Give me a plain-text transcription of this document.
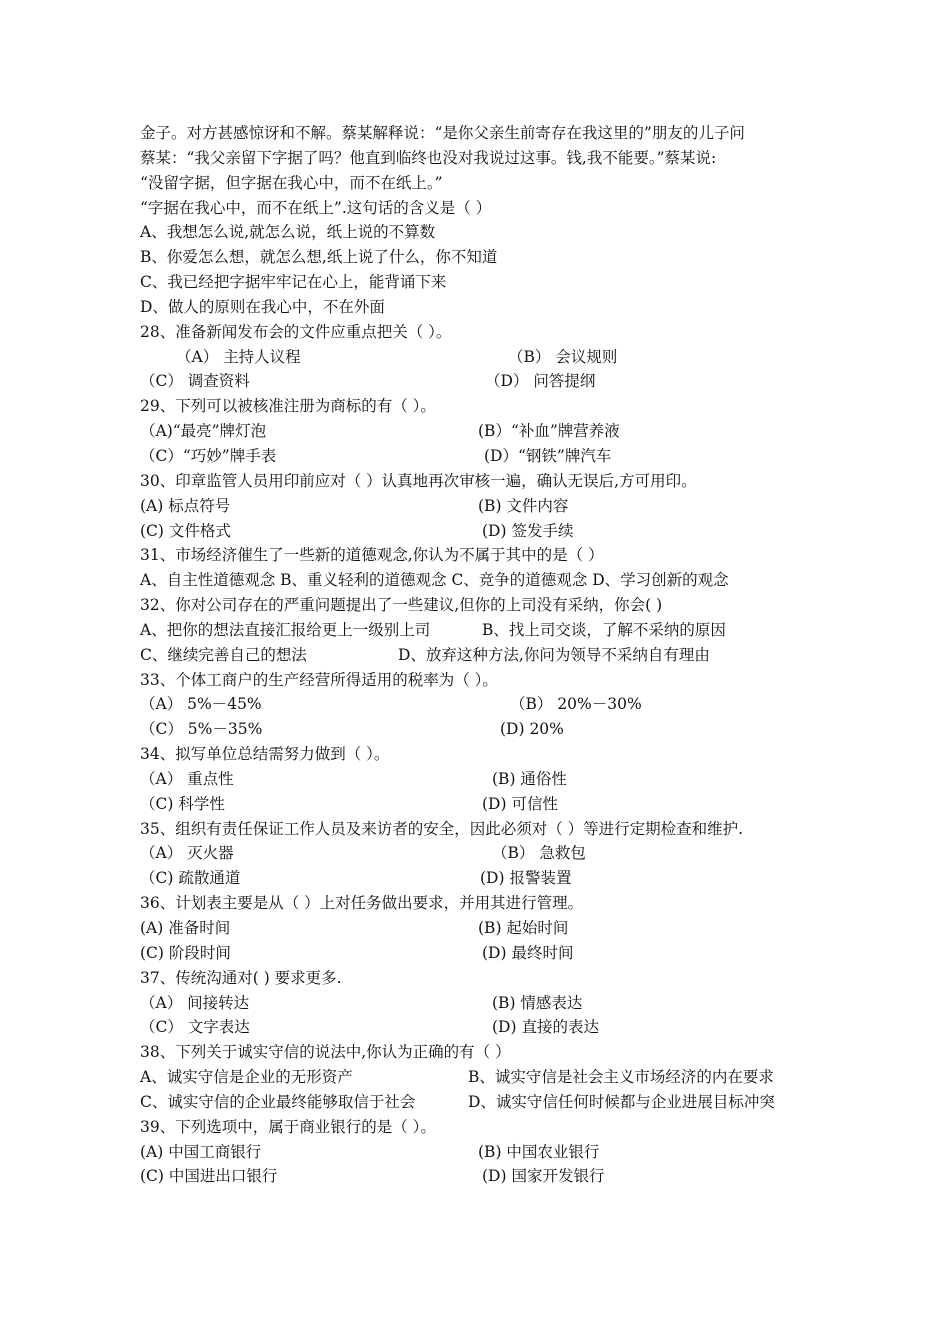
金子。对方甚感惊讶和不解。蔡某解释说：“是你父亲生前寄存在我这里的”朋友的儿子问
蔡某：“我父亲留下字据了吗？他直到临终也没对我说过这事。钱,我不能要。”蔡某说:
“没留字据，但字据在我心中，而不在纸上。”
“字据在我心中，而不在纸上”.这句话的含义是（ ）
A、我想怎么说,就怎么说，纸上说的不算数
B、你爱怎么想，就怎么想,纸上说了什么，你不知道
C、我已经把字据牢牢记在心上，能背诵下来
D、做人的原则在我心中，不在外面
28、准备新闻发布会的文件应重点把关（ ）。
（A） 主持人议程	（B） 会议规则
（C） 调查资料	（D） 问答提纲
29、下列可以被核准注册为商标的有（ ）。
（A)“最亮”牌灯泡	(B）“补血”牌营养液
（C）“巧妙”牌手表	(D）“钢铁”牌汽车
30、印章监管人员用印前应对（ ）认真地再次审核一遍，确认无误后,方可用印。
(A) 标点符号	(B) 文件内容
(C) 文件格式	(D) 签发手续
31、市场经济催生了一些新的道德观念,你认为不属于其中的是（ ）
A、自主性道德观念 B、重义轻利的道德观念 C、竞争的道德观念 D、学习创新的观念
32、你对公司存在的严重问题提出了一些建议,但你的上司没有采纳，你会( )
A、把你的想法直接汇报给更上一级别上司	B、找上司交谈，了解不采纳的原因
C、继续完善自己的想法	D、放弃这种方法,你问为领导不采纳自有理由
33、个体工商户的生产经营所得适用的税率为（ ）。
（A） 5%－45%	（B） 20%－30%
（C） 5%－35%	(D) 20%
34、拟写单位总结需努力做到（ ）。
（A） 重点性	(B) 通俗性
（C) 科学性	(D) 可信性
35、组织有责任保证工作人员及来访者的安全，因此必须对（ ）等进行定期检查和维护.
（A） 灭火器	（B） 急救包
（C) 疏散通道	(D) 报警装置
36、计划表主要是从（ ）上对任务做出要求，并用其进行管理。
(A) 准备时间	(B) 起始时间
(C) 阶段时间	(D) 最终时间
37、传统沟通对( ) 要求更多.
（A） 间接转达	(B) 情感表达
（C） 文字表达	(D) 直接的表达
38、下列关于诚实守信的说法中,你认为正确的有（ ）
A、诚实守信是企业的无形资产	B、诚实守信是社会主义市场经济的内在要求
C、诚实守信的企业最终能够取信于社会	D、诚实守信任何时候都与企业进展目标冲突
39、下列选项中，属于商业银行的是（ ）。
(A) 中国工商银行	(B) 中国农业银行
(C) 中国进出口银行	(D) 国家开发银行
